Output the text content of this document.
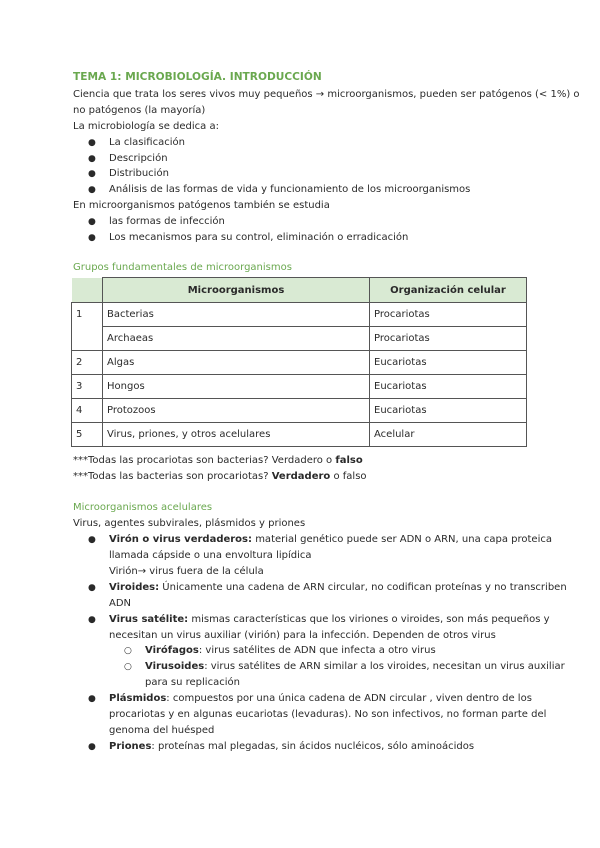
TEMA 1: MICROBIOLOGÍA. INTRODUCCIÓN
Ciencia que trata los seres vivos muy pequeños → microorganismos, pueden ser patógenos (< 1%) o
no patógenos (la mayoría)
La microbiología se dedica a:
● La clasificación
● Descripción
● Distribución
● Análisis de las formas de vida y funcionamiento de los microorganismos
En microorganismos patógenos también se estudia
● las formas de infección
● Los mecanismos para su control, eliminación o erradicación
Grupos fundamentales de microorganismos
	Microorganismos	Organización celular
1	Bacterias	Procariotas
	Archaeas	Procariotas
2	Algas	Eucariotas
3	Hongos	Eucariotas
4	Protozoos	Eucariotas
5	Virus, priones, y otros acelulares	Acelular
***Todas las procariotas son bacterias? Verdadero o falso
***Todas las bacterias son procariotas? Verdadero o falso
Microorganismos acelulares
Virus, agentes subvirales, plásmidos y priones
● Virón o virus verdaderos: material genético puede ser ADN o ARN, una capa proteica
llamada cápside o una envoltura lipídica
Virión→ virus fuera de la célula
● Viroides: Únicamente una cadena de ARN circular, no codifican proteínas y no transcriben
ADN
● Virus satélite: mismas características que los viriones o viroides, son más pequeños y
necesitan un virus auxiliar (virión) para la infección. Dependen de otros virus
○ Virófagos: virus satélites de ADN que infecta a otro virus
○ Virusoides: virus satélites de ARN similar a los viroides, necesitan un virus auxiliar
para su replicación
● Plásmidos: compuestos por una única cadena de ADN circular , viven dentro de los
procariotas y en algunas eucariotas (levaduras). No son infectivos, no forman parte del
genoma del huésped
● Priones: proteínas mal plegadas, sin ácidos nucléicos, sólo aminoácidos
